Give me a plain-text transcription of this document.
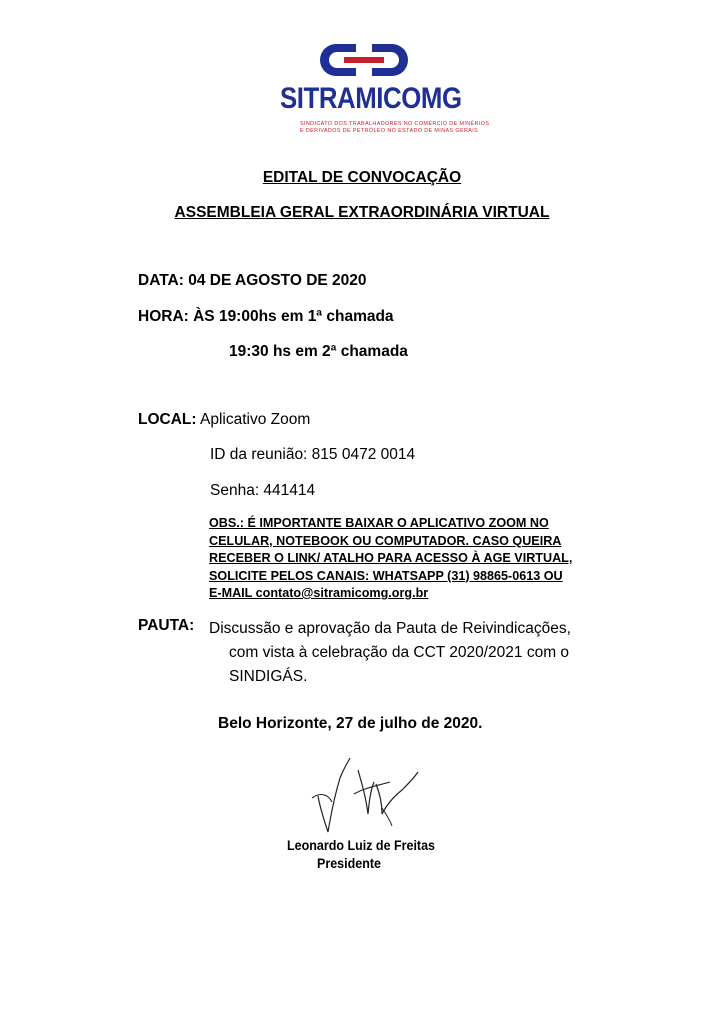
SITRAMICOMG
SINDICATO DOS TRABALHADORES NO COMÉRCIO DE MINÉRIOS
E DERIVADOS DE PETRÓLEO NO ESTADO DE MINAS GERAIS
EDITAL DE CONVOCAÇÃO
ASSEMBLEIA GERAL EXTRAORDINÁRIA VIRTUAL
DATA: 04 DE AGOSTO DE 2020
HORA: ÀS 19:00hs em 1ª chamada
19:30 hs em 2ª chamada
LOCAL: Aplicativo Zoom
ID da reunião: 815 0472 0014
Senha: 441414
OBS.: É IMPORTANTE BAIXAR O APLICATIVO ZOOM NO
CELULAR, NOTEBOOK OU COMPUTADOR. CASO QUEIRA
RECEBER O LINK/ ATALHO PARA ACESSO À AGE VIRTUAL,
SOLICITE PELOS CANAIS: WHATSAPP (31) 98865-0613 OU
E-MAIL contato@sitramicomg.org.br
PAUTA: Discussão e aprovação da Pauta de Reivindicações,
com vista à celebração da CCT 2020/2021 com o
SINDIGÁS.
Belo Horizonte, 27 de julho de 2020.
Leonardo Luiz de Freitas
Presidente
